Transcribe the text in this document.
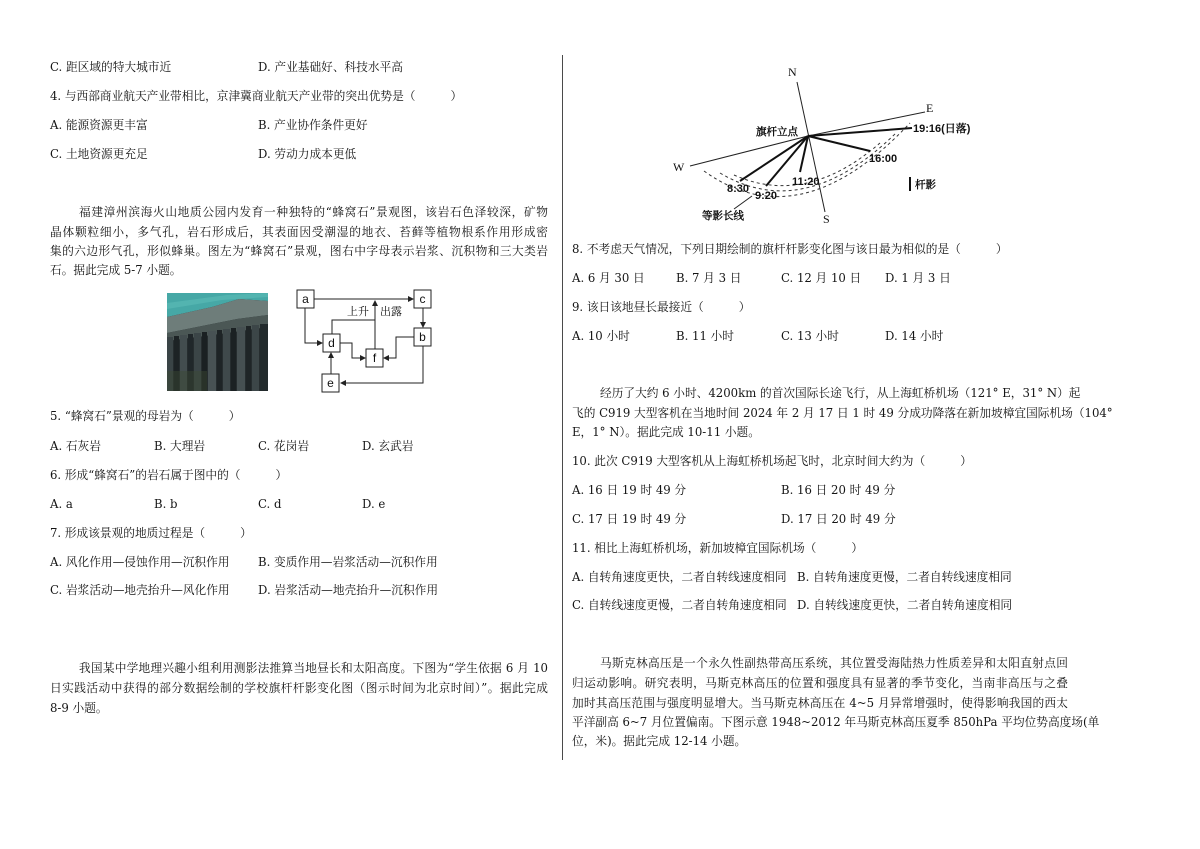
C. 距区域的特大城市近	D. 产业基础好、科技水平高
4. 与西部商业航天产业带相比，京津冀商业航天产业带的突出优势是（　　　）
A. 能源资源更丰富	B. 产业协作条件更好
C. 土地资源更充足	D. 劳动力成本更低
福建漳州滨海火山地质公园内发育一种独特的“蜂窝石”景观图，该岩石色泽较深，矿物
晶体颗粒细小，多气孔，岩石形成后，其表面因受潮湿的地衣、苔藓等植物根系作用形成密
集的六边形气孔，形似蜂巢。图左为“蜂窝石”景观，图右中字母表示岩浆、沉积物和三大类岩
石。据此完成 5-7 小题。
a	c
b
d
f
e
上升 出露
5. “蜂窝石”景观的母岩为（　　　）
A. 石灰岩	B. 大理岩	C. 花岗岩	D. 玄武岩
6. 形成“蜂窝石”的岩石属于图中的（　　　）
A. a	B. b	C. d	D. e
7. 形成该景观的地质过程是（　　　）
A. 风化作用—侵蚀作用—沉积作用 B. 变质作用—岩浆活动—沉积作用
C. 岩浆活动—地壳抬升—风化作用 D. 岩浆活动—地壳抬升—沉积作用
我国某中学地理兴趣小组利用测影法推算当地昼长和太阳高度。下图为“学生依据 6 月 10
日实践活动中获得的部分数据绘制的学校旗杆杆影变化图（图示时间为北京时间）”。据此完成
8-9 小题。
N
E
W
S
旗杆立点	19:16(日落)
16:00
11:20
9:20
8:30
等影长线
杆影
8. 不考虑天气情况，下列日期绘制的旗杆杆影变化图与该日最为相似的是（　　　）
A. 6 月 30 日	B. 7 月 3 日	C. 12 月 10 日 D. 1 月 3 日
9. 该日该地昼长最接近（　　　）
A. 10 小时	B. 11 小时	C. 13 小时	D. 14 小时
经历了大约 6 小时、4200km 的首次国际长途飞行，从上海虹桥机场（121° E，31° N）起
飞的 C919 大型客机在当地时间 2024 年 2 月 17 日 1 时 49 分成功降落在新加坡樟宜国际机场（104°
E，1° N）。据此完成 10-11 小题。
10. 此次 C919 大型客机从上海虹桥机场起飞时，北京时间大约为（　　　）
A. 16 日 19 时 49 分	B. 16 日 20 时 49 分
C. 17 日 19 时 49 分	D. 17 日 20 时 49 分
11. 相比上海虹桥机场，新加坡樟宜国际机场（　　　）
A. 自转角速度更快，二者自转线速度相同 B. 自转角速度更慢，二者自转线速度相同
C. 自转线速度更慢，二者自转角速度相同 D. 自转线速度更快，二者自转角速度相同
马斯克林高压是一个永久性副热带高压系统，其位置受海陆热力性质差异和太阳直射点回
归运动影响。研究表明，马斯克林高压的位置和强度具有显著的季节变化，当南非高压与之叠
加时其高压范围与强度明显增大。当马斯克林高压在 4~5 月异常增强时，使得影响我国的西太
平洋副高 6~7 月位置偏南。下图示意 1948~2012 年马斯克林高压夏季 850hPa 平均位势高度场(单
位，米)。据此完成 12-14 小题。
